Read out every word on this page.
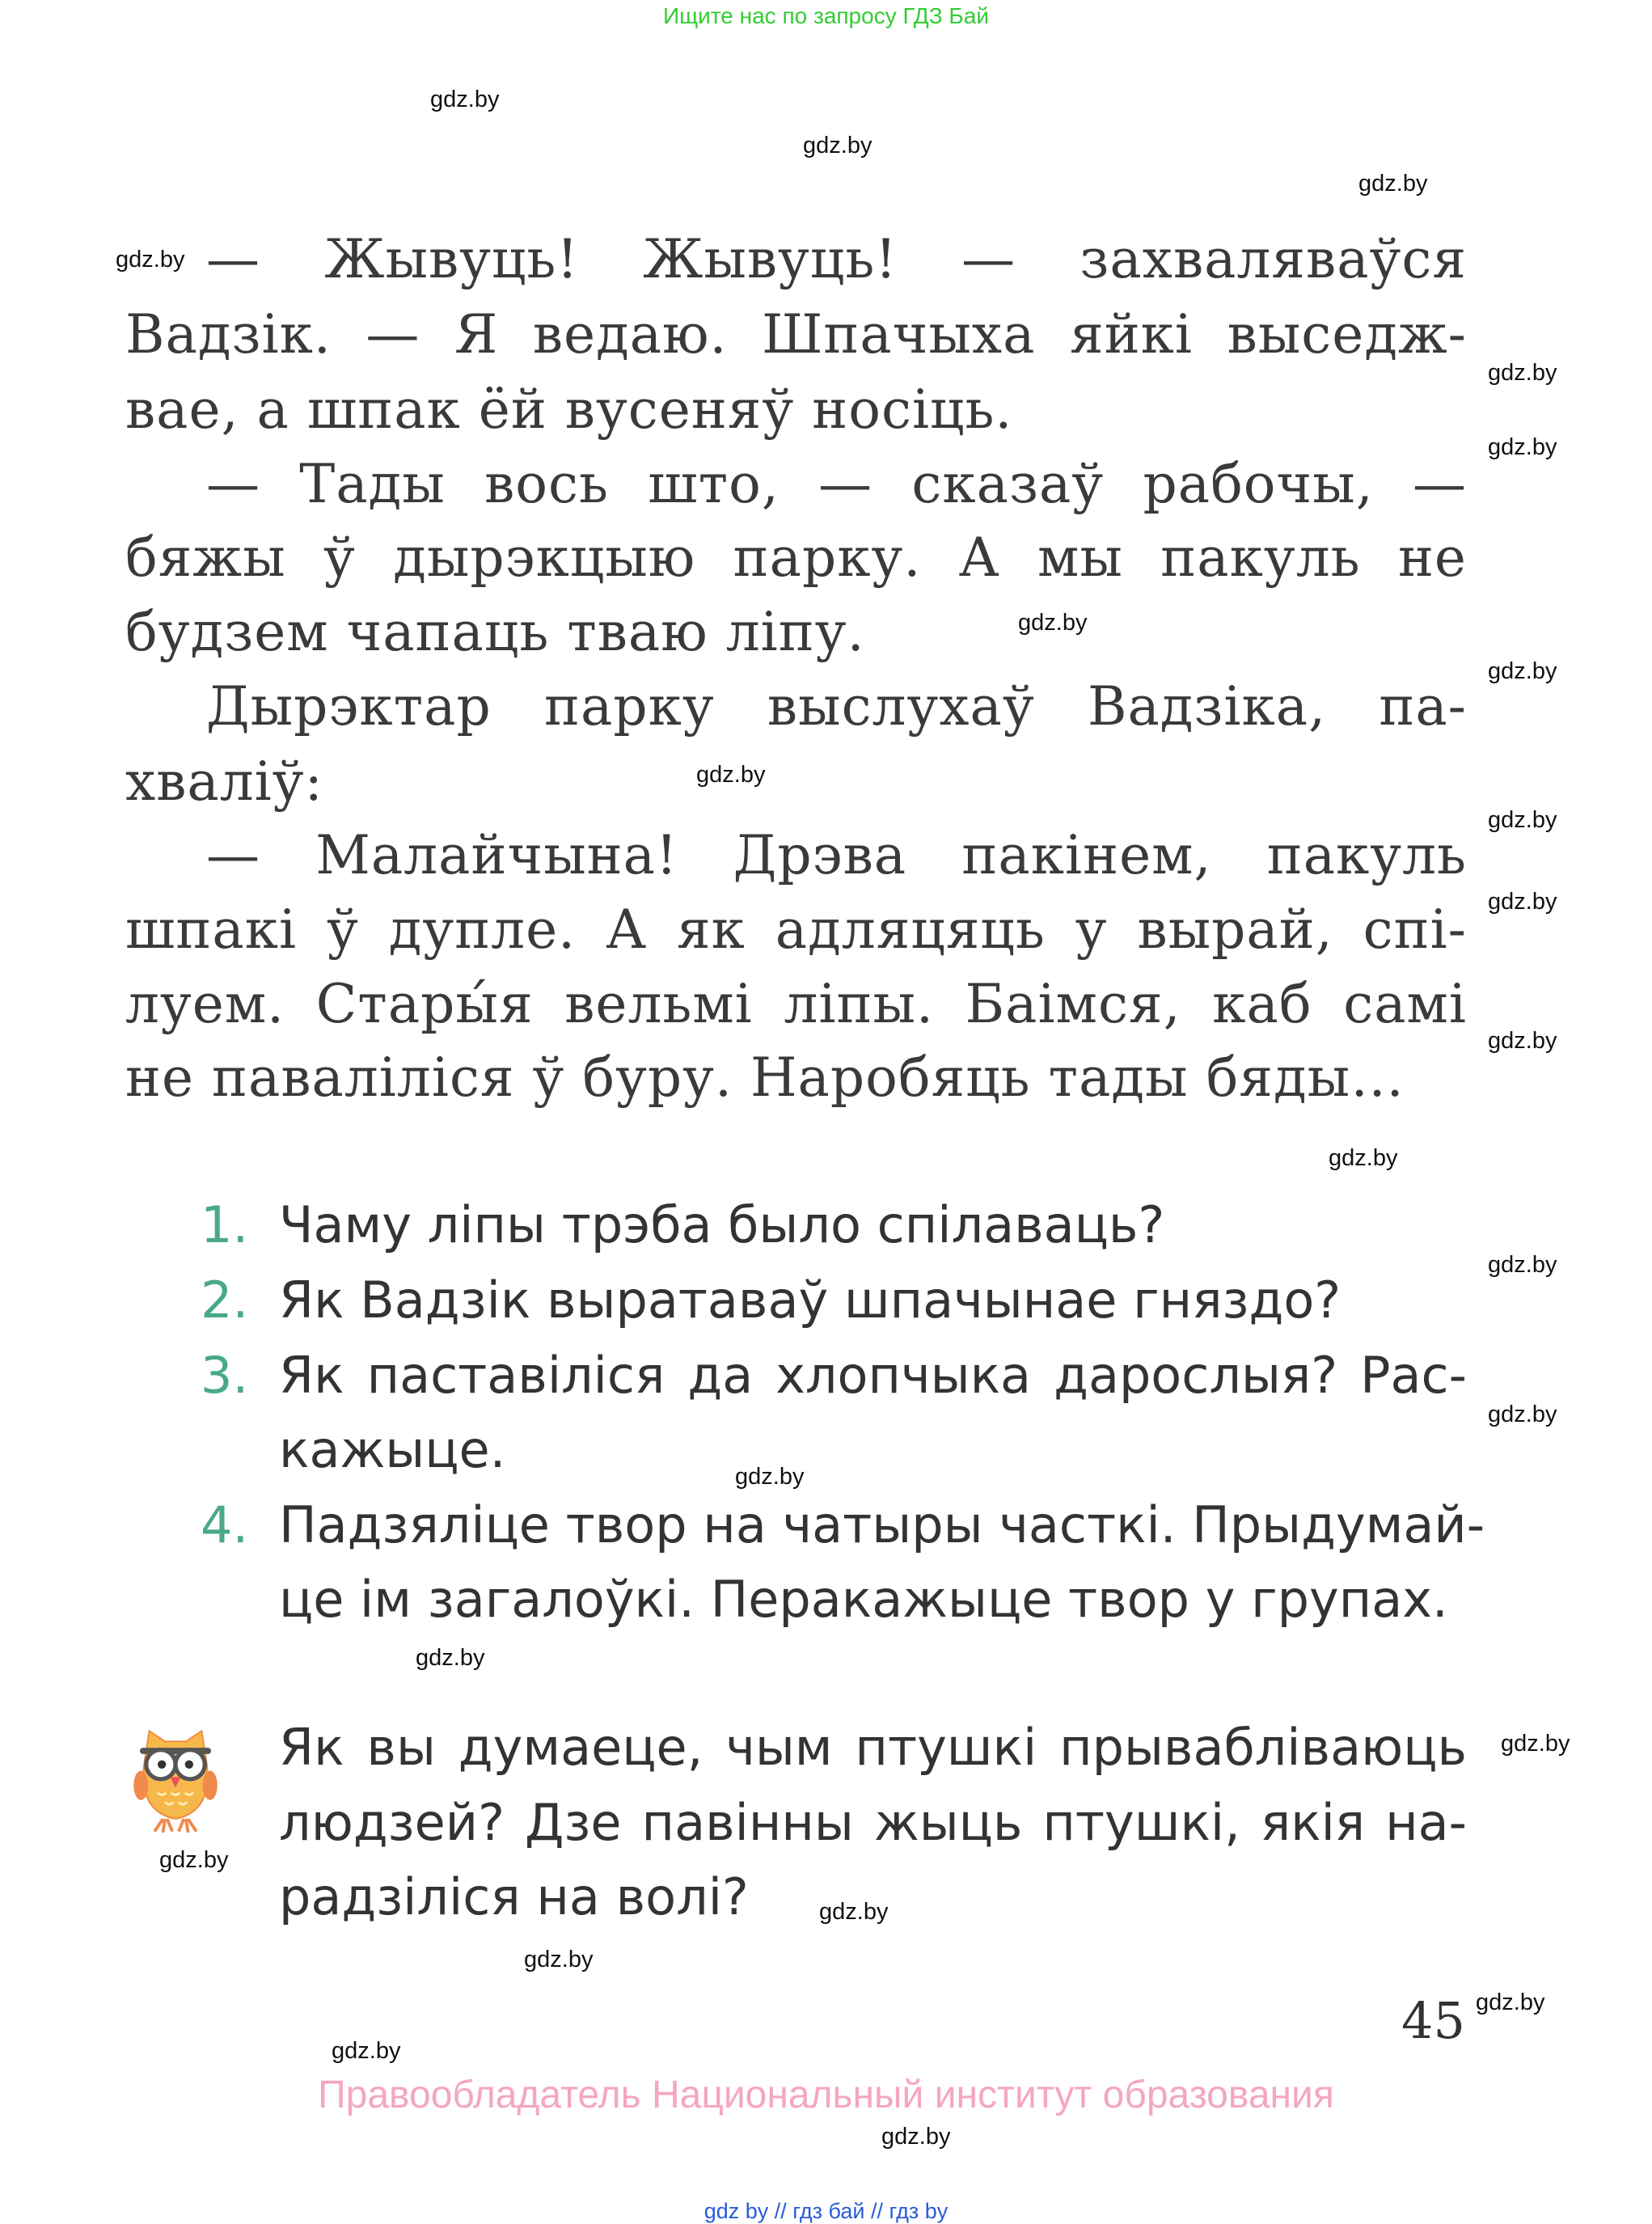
Ищите нас по запросу ГДЗ Бай
— Жывуць! Жывуць! — захваляваўся
Вадзік. — Я ведаю. Шпачыха яйкі выседж-
вае, а шпак ёй вусеняў носіць.
— Тады вось што, — сказаў рабочы, —
бяжы ў дырэкцыю парку. А мы пакуль не
будзем чапаць тваю ліпу.
Дырэктар парку выслухаў Вадзіка, па-
хваліў:
— Малайчына! Дрэва пакінем, пакуль
шпакі ў дупле. А як адляцяць у вырай, спі-
луем. Стары́я вельмі ліпы. Баімся, каб самі
не паваліліся ў буру. Наробяць тады бяды…
1. Чаму ліпы трэба было спілаваць?
2. Як Вадзік выратаваў шпачынае гняздо?
3. Як паставіліся да хлопчыка дарослыя? Рас-
кажыце.
4. Падзяліце твор на чатыры часткі. Прыдумай-
це ім загалоўкі. Перакажыце твор у групах.
Як вы думаеце, чым птушкі прывабліваюць
людзей? Дзе павінны жыць птушкі, якія на-
радзіліся на волі?
45
Правообладатель Национальный институт образования
gdz by // гдз бай // гдз by
gdz.by
gdz.by
gdz.by
gdz.by
gdz.by
gdz.by
gdz.by
gdz.by
gdz.by
gdz.by
gdz.by
gdz.by
gdz.by
gdz.by
gdz.by
gdz.by
gdz.by
gdz.by
gdz.by
gdz.by
gdz.by
gdz.by
gdz.by
gdz.by
